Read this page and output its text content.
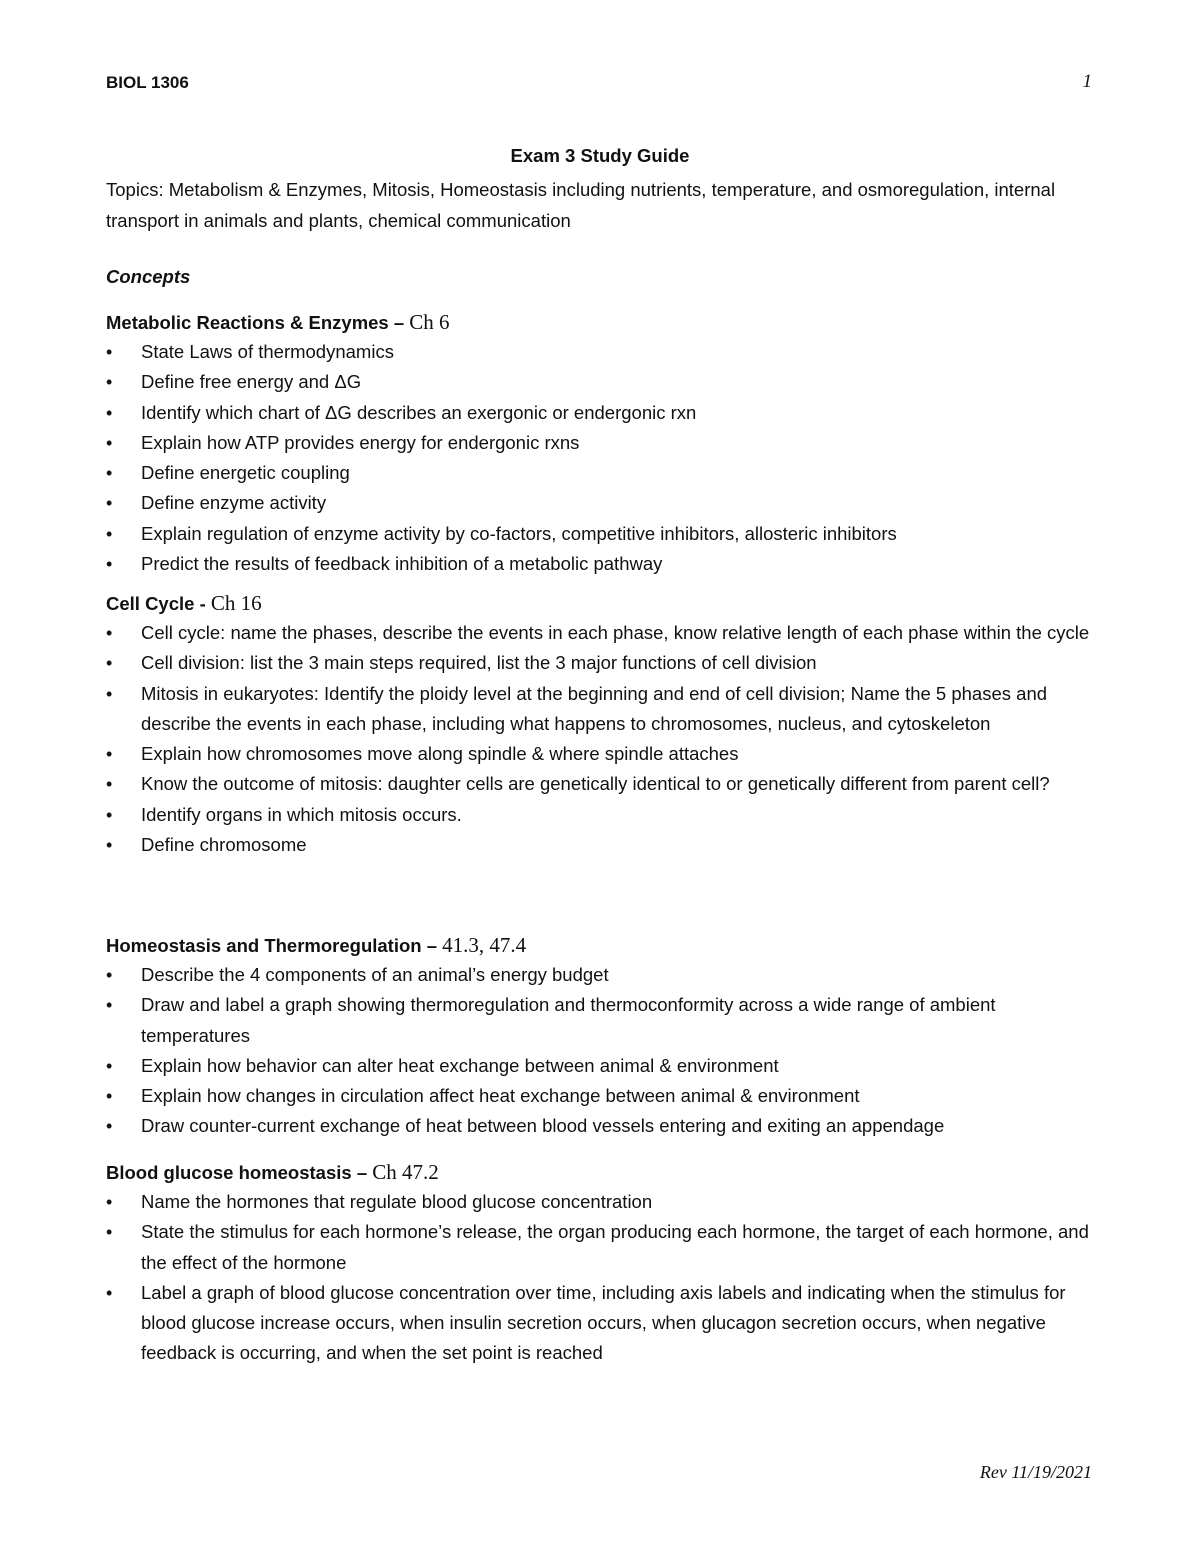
BIOL 1306	1
Exam 3 Study Guide

Topics: Metabolism & Enzymes, Mitosis, Homeostasis including nutrients, temperature, and osmoregulation, internal transport in animals and plants, chemical communication

Concepts
Metabolic Reactions & Enzymes – Ch 6
• State Laws of thermodynamics
• Define free energy and ΔG
• Identify which chart of ΔG describes an exergonic or endergonic rxn
• Explain how ATP provides energy for endergonic rxns
• Define energetic coupling
• Define enzyme activity
• Explain regulation of enzyme activity by co-factors, competitive inhibitors, allosteric inhibitors
• Predict the results of feedback inhibition of a metabolic pathway
Cell Cycle - Ch 16
• Cell cycle: name the phases, describe the events in each phase, know relative length of each phase within the cycle
• Cell division: list the 3 main steps required, list the 3 major functions of cell division
• Mitosis in eukaryotes: Identify the ploidy level at the beginning and end of cell division; Name the 5 phases and describe the events in each phase, including what happens to chromosomes, nucleus, and cytoskeleton
• Explain how chromosomes move along spindle & where spindle attaches
• Know the outcome of mitosis: daughter cells are genetically identical to or genetically different from parent cell?
• Identify organs in which mitosis occurs.
• Define chromosome
Homeostasis and Thermoregulation – 41.3, 47.4
• Describe the 4 components of an animal’s energy budget
• Draw and label a graph showing thermoregulation and thermoconformity across a wide range of ambient temperatures
• Explain how behavior can alter heat exchange between animal & environment
• Explain how changes in circulation affect heat exchange between animal & environment
• Draw counter-current exchange of heat between blood vessels entering and exiting an appendage
Blood glucose homeostasis – Ch 47.2
• Name the hormones that regulate blood glucose concentration
• State the stimulus for each hormone’s release, the organ producing each hormone, the target of each hormone, and the effect of the hormone
• Label a graph of blood glucose concentration over time, including axis labels and indicating when the stimulus for blood glucose increase occurs, when insulin secretion occurs, when glucagon secretion occurs, when negative feedback is occurring, and when the set point is reached
Rev 11/19/2021
